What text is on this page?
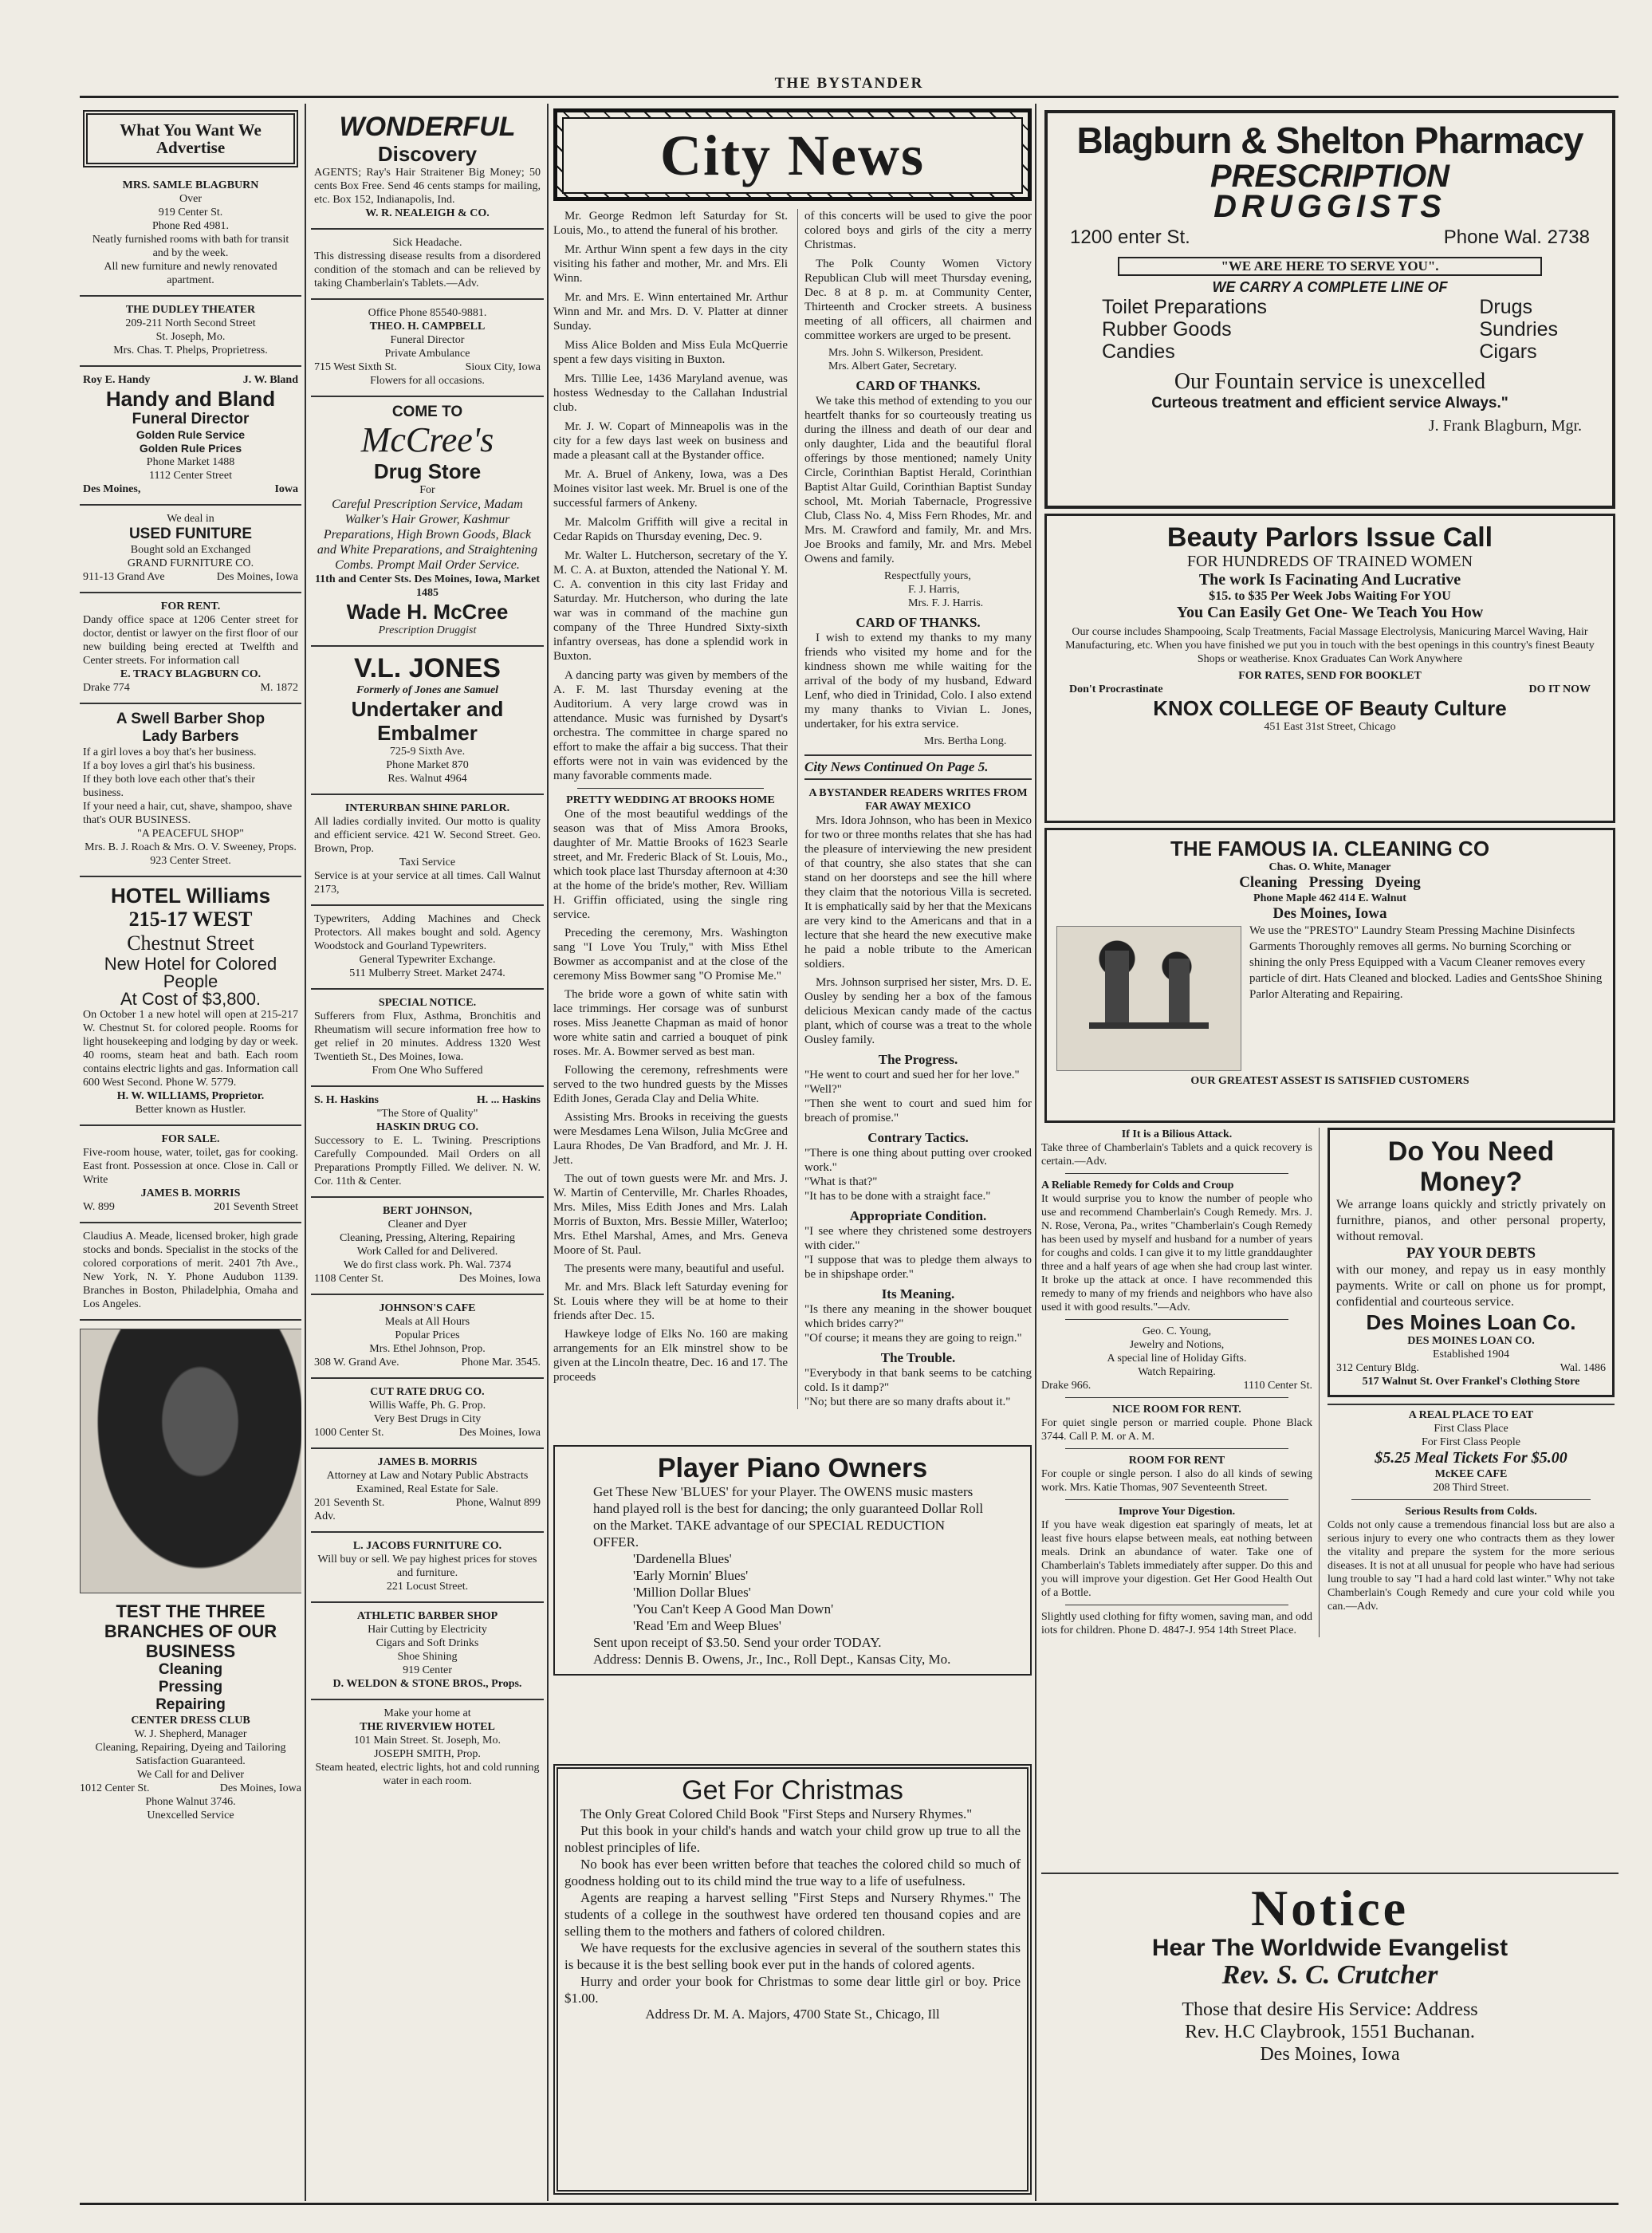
THE BYSTANDER
What You Want We Advertise
MRS. SAMLE BLAGBURN
Over
919 Center St.
Phone Red 4981.
Neatly furnished rooms with bath for transit and by the week.
All new furniture and newly renovated apartment.
THE DUDLEY THEATER
209-211 North Second Street
St. Joseph, Mo.
Mrs. Chas. T. Phelps, Proprietress.
Roy E. Handy	J. W. Bland
Handy and Bland
Funeral Director
Golden Rule Service
Golden Rule Prices
Phone Market 1488
1112 Center Street
Des Moines,	Iowa
We deal in
USED FUNITURE
Bought sold an Exchanged
GRAND FURNITURE CO.
911-13 Grand Ave	Des Moines, Iowa
FOR RENT.
Dandy office space at 1206 Center street for doctor, dentist or lawyer on the first floor of our new building being erected at Twelfth and Center streets. For information call
E. TRACY BLAGBURN CO.
Drake 774	M. 1872
A Swell Barber Shop
Lady Barbers
If a girl loves a boy that's her business.
If a boy loves a girl that's his business.
If they both love each other that's their business.
If your need a hair, cut, shave, shampoo, shave that's OUR BUSINESS.
"A PEACEFUL SHOP"
Mrs. B. J. Roach & Mrs. O. V. Sweeney, Props.
923 Center Street.
HOTEL Williams
215-17 WEST
Chestnut Street
New Hotel for Colored People
At Cost of $3,800.
On October 1 a new hotel will open at 215-217 W. Chestnut St. for colored people. Rooms for light housekeeping and lodging by day or week. 40 rooms, steam heat and bath. Each room contains electric lights and gas. Information call 600 West Second. Phone W. 5779.
H. W. WILLIAMS, Proprietor.
Better known as Hustler.
FOR SALE.
Five-room house, water, toilet, gas for cooking. East front. Possession at once. Close in. Call or Write
JAMES B. MORRIS
W. 899	201 Seventh Street
Claudius A. Meade, licensed broker, high grade stocks and bonds. Specialist in the stocks of the colored corporations of merit. 2401 7th Ave., New York, N. Y. Phone Audubon 1139. Branches in Boston, Philadelphia, Omaha and Los Angeles.
TEST THE THREE BRANCHES OF OUR BUSINESS
Cleaning
Pressing
Repairing
CENTER DRESS CLUB
W. J. Shepherd, Manager
Cleaning, Repairing, Dyeing and Tailoring
Satisfaction Guaranteed.
We Call for and Deliver
1012 Center St.	Des Moines, Iowa
Phone Walnut 3746.
Unexcelled Service
WONDERFUL
Discovery
AGENTS; Ray's Hair Straitener Big Money; 50 cents Box Free. Send 46 cents stamps for mailing, etc. Box 152, Indianapolis, Ind.
W. R. NEALEIGH & CO.
Sick Headache.
This distressing disease results from a disordered condition of the stomach and can be relieved by taking Chamberlain's Tablets.—Adv.
Office Phone 85540-9881.
THEO. H. CAMPBELL
Funeral Director
Private Ambulance
715 West Sixth St.	Sioux City, Iowa
Flowers for all occasions.
COME TO
McCree's
Drug Store
For
Careful Prescription Service, Madam Walker's Hair Grower, Kashmur Preparations, High Brown Goods, Black and White Preparations, and Straightening Combs. Prompt Mail Order Service.
11th and Center Sts. Des Moines, Iowa, Market 1485
Wade H. McCree
Prescription Druggist
V.L. JONES
Formerly of Jones ane Samuel
Undertaker and Embalmer
725-9 Sixth Ave.
Phone Market 870
Res. Walnut 4964
INTERURBAN SHINE PARLOR.
All ladies cordially invited. Our motto is quality and efficient service. 421 W. Second Street. Geo. Brown, Prop.
Taxi Service
Service is at your service at all times. Call Walnut 2173,
Typewriters, Adding Machines and Check Protectors. All makes bought and sold. Agency Woodstock and Gourland Typewriters.
General Typewriter Exchange.
511 Mulberry Street. Market 2474.
SPECIAL NOTICE.
Sufferers from Flux, Asthma, Bronchitis and Rheumatism will secure information free how to get relief in 20 minutes. Address 1320 West Twentieth St., Des Moines, Iowa.
From One Who Suffered
S. H. Haskins	H. ... Haskins
"The Store of Quality"
HASKIN DRUG CO.
Successory to E. L. Twining. Prescriptions Carefully Compounded. Mail Orders on all Preparations Promptly Filled. We deliver. N. W. Cor. 11th & Center.
BERT JOHNSON,
Cleaner and Dyer
Cleaning, Pressing, Altering, Repairing
Work Called for and Delivered.
We do first class work. Ph. Wal. 7374
1108 Center St.	Des Moines, Iowa
JOHNSON'S CAFE
Meals at All Hours
Popular Prices
Mrs. Ethel Johnson, Prop.
308 W. Grand Ave.	Phone Mar. 3545.
CUT RATE DRUG CO.
Willis Waffe, Ph. G. Prop.
Very Best Drugs in City
1000 Center St.	Des Moines, Iowa
JAMES B. MORRIS
Attorney at Law and Notary Public Abstracts Examined, Real Estate for Sale.
201 Seventh St.	Phone, Walnut 899
Adv.
L. JACOBS FURNITURE CO.
Will buy or sell. We pay highest prices for stoves and furniture.
221 Locust Street.
ATHLETIC BARBER SHOP
Hair Cutting by Electricity
Cigars and Soft Drinks
Shoe Shining
919 Center
D. WELDON & STONE BROS., Props.
Make your home at
THE RIVERVIEW HOTEL
101 Main Street. St. Joseph, Mo.
JOSEPH SMITH, Prop.
Steam heated, electric lights, hot and cold running water in each room.
City News

Mr. George Redmon left Saturday for St. Louis, Mo., to attend the funeral of his brother.

Mr. Arthur Winn spent a few days in the city visiting his father and mother, Mr. and Mrs. Eli Winn.

Mr. and Mrs. E. Winn entertained Mr. Arthur Winn and Mr. and Mrs. D. V. Platter at dinner Sunday.

Miss Alice Bolden and Miss Eula McQuerrie spent a few days visiting in Buxton.

Mrs. Tillie Lee, 1436 Maryland avenue, was hostess Wednesday to the Callahan Industrial club.

Mr. J. W. Copart of Minneapolis was in the city for a few days last week on business and made a pleasant call at the Bystander office.

Mr. A. Bruel of Ankeny, Iowa, was a Des Moines visitor last week. Mr. Bruel is one of the successful farmers of Ankeny.

Mr. Malcolm Griffith will give a recital in Cedar Rapids on Thursday evening, Dec. 9.

Mr. Walter L. Hutcherson, secretary of the Y. M. C. A. at Buxton, attended the National Y. M. C. A. convention in this city last Friday and Saturday. Mr. Hutcherson, who during the late war was in command of the machine gun company of the Three Hundred Sixty-sixth infantry overseas, has done a splendid work in Buxton.

A dancing party was given by members of the A. F. M. last Thursday evening at the Auditorium. A very large crowd was in attendance. Music was furnished by Dysart's orchestra. The committee in charge spared no effort to make the affair a big success. That their efforts were not in vain was evidenced by the many favorable comments made.

PRETTY WEDDING AT BROOKS HOME

One of the most beautiful weddings of the season was that of Miss Amora Brooks, daughter of Mr. Mattie Brooks of 1623 Searle street, and Mr. Frederic Black of St. Louis, Mo., which took place last Thursday afternoon at 4:30 at the home of the bride's mother, Rev. William H. Griffin officiated, using the single ring service.

Preceding the ceremony, Mrs. Washington sang "I Love You Truly," with Miss Ethel Bowmer as accompanist and at the close of the ceremony Miss Bowmer sang "O Promise Me."

The bride wore a gown of white satin with lace trimmings. Her corsage was of sunburst roses. Miss Jeanette Chapman as maid of honor wore white satin and carried a bouquet of pink roses. Mr. A. Bowmer served as best man.

Following the ceremony, refreshments were served to the two hundred guests by the Misses Edith Jones, Gerada Clay and Delia White.

Assisting Mrs. Brooks in receiving the guests were Mesdames Lena Wilson, Julia McGree and Laura Rhodes, De Van Bradford, and Mr. J. H. Jett.

The out of town guests were Mr. and Mrs. J. W. Martin of Centerville, Mr. Charles Rhoades, Mrs. Miles, Miss Edith Jones and Mrs. Lalah Morris of Buxton, Mrs. Bessie Miller, Waterloo; Mrs. Ethel Marshal, Ames, and Mrs. Geneva Moore of St. Paul.

The presents were many, beautiful and useful.

Mr. and Mrs. Black left Saturday evening for St. Louis where they will be at home to their friends after Dec. 15.

Hawkeye lodge of Elks No. 160 are making arrangements for an Elk minstrel show to be given at the Lincoln theatre, Dec. 16 and 17. The proceeds

of this concerts will be used to give the poor colored boys and girls of the city a merry Christmas.

The Polk County Women Victory Republican Club will meet Thursday evening, Dec. 8 at 8 p. m. at Community Center, Thirteenth and Crocker streets. A business meeting of all officers, all chairmen and committee workers are urged to be present.

Mrs. John S. Wilkerson, President.
Mrs. Albert Gater, Secretary.
CARD OF THANKS.

We take this method of extending to you our heartfelt thanks for so courteously treating us during the illness and death of our dear and only daughter, Lida and the beautiful floral offerings by those mentioned; namely Unity Circle, Corinthian Baptist Herald, Corinthian Baptist Altar Guild, Corinthian Baptist Sunday school, Mt. Moriah Tabernacle, Progressive Club, Class No. 4, Miss Fern Rhodes, Mr. and Mrs. M. Crawford and family, Mr. and Mrs. Joe Brooks and family, Mr. and Mrs. Mebel Owens and family.

Respectfully yours,
F. J. Harris,
Mrs. F. J. Harris.
CARD OF THANKS.

I wish to extend my thanks to my many friends who visited my home and for the kindness shown me while waiting for the arrival of the body of my husband, Edward Lenf, who died in Trinidad, Colo. I also extend my many thanks to Vivian L. Jones, undertaker, for his extra service.

Mrs. Bertha Long.
City News Continued On Page 5.
A BYSTANDER READERS WRITES FROM FAR AWAY MEXICO

Mrs. Idora Johnson, who has been in Mexico for two or three months relates that she has had the pleasure of interviewing the new president of that country, she also states that she can stand on her doorsteps and see the hill where they claim that the notorious Villa is secreted. It is emphatically said by her that the Mexicans are very kind to the Americans and that in a lecture that she heard the new executive make he paid a noble tribute to the American soldiers.

Mrs. Johnson surprised her sister, Mrs. D. E. Ousley by sending her a box of the famous delicious Mexican candy made of the cactus plant, which of course was a treat to the whole Ousley family.

The Progress.
"He went to court and sued her for her love."
"Well?"
"Then she went to court and sued him for breach of promise."
Contrary Tactics.
"There is one thing about putting over crooked work."
"What is that?"
"It has to be done with a straight face."
Appropriate Condition.
"I see where they christened some destroyers with cider."
"I suppose that was to pledge them always to be in shipshape order."
Its Meaning.
"Is there any meaning in the shower bouquet which brides carry?"
"Of course; it means they are going to reign."
The Trouble.
"Everybody in that bank seems to be catching cold. Is it damp?"
"No; but there are so many drafts about it."
Player Piano Owners
Get These New 'BLUES' for your Player. The OWENS music masters hand played roll is the best for dancing; the only guaranteed Dollar Roll on the Market. TAKE advantage of our SPECIAL REDUCTION OFFER.
'Dardenella Blues'
'Early Mornin' Blues'
'Million Dollar Blues'
'You Can't Keep A Good Man Down'
'Read 'Em and Weep Blues'
Sent upon receipt of $3.50. Send your order TODAY.
Address: Dennis B. Owens, Jr., Inc., Roll Dept., Kansas City, Mo.
Get For Christmas

The Only Great Colored Child Book "First Steps and Nursery Rhymes."

Put this book in your child's hands and watch your child grow up true to all the noblest principles of life.

No book has ever been written before that teaches the colored child so much of goodness holding out to its child mind the true way to a life of usefulness.

Agents are reaping a harvest selling "First Steps and Nursery Rhymes." The students of a college in the southwest have ordered ten thousand copies and are selling them to the mothers and fathers of colored children.

We have requests for the exclusive agencies in several of the southern states this is because it is the best selling book ever put in the hands of colored agents.

Hurry and order your book for Christmas to some dear little girl or boy. Price $1.00.

Address Dr. M. A. Majors, 4700 State St., Chicago, Ill
Blagburn & Shelton Pharmacy
PRESCRIPTION
DRUGGISTS
1200 enter St.	Phone Wal. 2738
"WE ARE HERE TO SERVE YOU".
WE CARRY A COMPLETE LINE OF
Toilet Preparations
Rubber Goods
Candies
Drugs
Sundries
Cigars
Our Fountain service is unexcelled
Curteous treatment and efficient service Always."
J. Frank Blagburn, Mgr.
Beauty Parlors Issue Call
FOR HUNDREDS OF TRAINED WOMEN
The work Is Facinating And Lucrative
$15. to $35 Per Week Jobs Waiting For YOU
You Can Easily Get One- We Teach You How
Our course includes Shampooing, Scalp Treatments, Facial Massage Electrolysis, Manicuring Marcel Waving, Hair Manufacturing, etc. When you have finished we put you in touch with the best openings in this country's finest Beauty Shops or weatherise. Knox Graduates Can Work Anywhere
FOR RATES, SEND FOR BOOKLET
Don't Procrastinate	DO IT NOW
KNOX COLLEGE OF Beauty Culture
451 East 31st Street, Chicago
THE FAMOUS IA. CLEANING CO
Chas. O. White, Manager
Cleaning Pressing Dyeing
Phone Maple 462 414 E. Walnut
Des Moines, Iowa
We use the "PRESTO" Laundry Steam Pressing Machine Disinfects Garments Thoroughly removes all germs. No burning Scorching or shining the only Press Equipped with a Vacum Cleaner removes every particle of dirt. Hats Cleaned and blocked. Ladies and GentsShoe Shining Parlor Alterating and Repairing.
OUR GREATEST ASSEST IS SATISFIED CUSTOMERS
If It is a Bilious Attack.
Take three of Chamberlain's Tablets and a quick recovery is certain.—Adv.
A Reliable Remedy for Colds and Croup
It would surprise you to know the number of people who use and recommend Chamberlain's Cough Remedy. Mrs. J. N. Rose, Verona, Pa., writes "Chamberlain's Cough Remedy has been used by myself and husband for a number of years for coughs and colds. I can give it to my little granddaughter three and a half years of age when she had croup last winter. It broke up the attack at once. I have recommended this remedy to many of my friends and neighbors who have also used it with good results."—Adv.
Geo. C. Young,
Jewelry and Notions,
A special line of Holiday Gifts.
Watch Repairing.
Drake 966.	1110 Center St.
NICE ROOM FOR RENT.
For quiet single person or married couple. Phone Black 3744. Call P. M. or A. M.
ROOM FOR RENT
For couple or single person. I also do all kinds of sewing work. Mrs. Katie Thomas, 907 Seventeenth Street.
Improve Your Digestion.
If you have weak digestion eat sparingly of meats, let at least five hours elapse between meals, eat nothing between meals. Drink an abundance of water. Take one of Chamberlain's Tablets immediately after supper. Do this and you will improve your digestion. Get Her Good Health Out of a Bottle.
Slightly used clothing for fifty women, saving man, and odd iots for children. Phone D. 4847-J. 954 14th Street Place.
Do You Need Money?
We arrange loans quickly and strictly privately on furnithre, pianos, and other personal property, without removal.
PAY YOUR DEBTS
with our money, and repay us in easy monthly payments. Write or call on phone us for prompt, confidential and courteous service.
Des Moines Loan Co.
DES MOINES LOAN CO.
Established 1904
312 Century Bldg.	Wal. 1486
517 Walnut St. Over Frankel's Clothing Store
A REAL PLACE TO EAT
First Class Place
For First Class People
$5.25 Meal Tickets For $5.00
McKEE CAFE
208 Third Street.
Serious Results from Colds.
Colds not only cause a tremendous financial loss but are also a serious injury to every one who contracts them as they lower the vitality and prepare the system for the more serious diseases. It is not at all unusual for people who have had serious lung trouble to say "I had a hard cold last winter." Why not take Chamberlain's Cough Remedy and cure your cold while you can.—Adv.
Notice
Hear The Worldwide Evangelist
Rev. S. C. Crutcher
Those that desire His Service: Address
Rev. H.C Claybrook, 1551 Buchanan.
Des Moines, Iowa
